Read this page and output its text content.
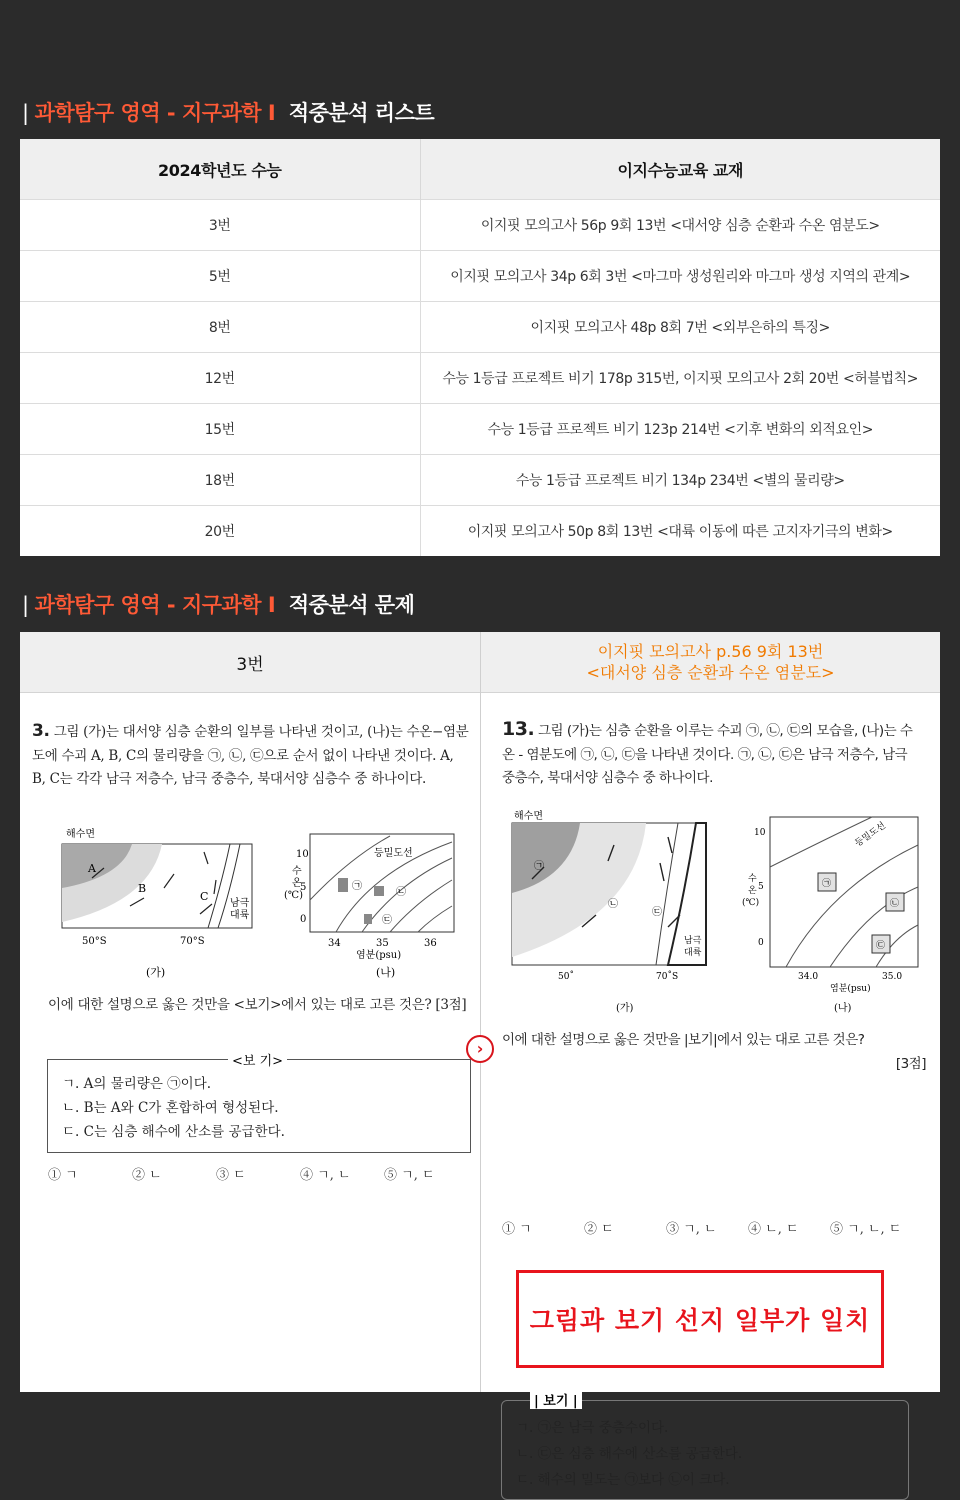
| 과학탐구 영역 - 지구과학 Ⅰ 적중분석 리스트
2024학년도 수능	이지수능교육 교재
3번	이지핏 모의고사 56p 9회 13번 <대서양 심층 순환과 수온 염분도>
5번	이지핏 모의고사 34p 6회 3번 <마그마 생성원리와 마그마 생성 지역의 관계>
8번	이지핏 모의고사 48p 8회 7번 <외부은하의 특징>
12번	수능 1등급 프로젝트 비기 178p 315번, 이지핏 모의고사 2회 20번 <허블법칙>
15번	수능 1등급 프로젝트 비기 123p 214번 <기후 변화의 외적요인>
18번	수능 1등급 프로젝트 비기 134p 234번 <별의 물리량>
20번	이지핏 모의고사 50p 8회 13번 <대륙 이동에 따른 고지자기극의 변화>
| 과학탐구 영역 - 지구과학 Ⅰ 적중분석 문제
3번
이지핏 모의고사 p.56 9회 13번
<대서양 심층 순환과 수온 염분도>
3. 그림 (가)는 대서양 심층 순환의 일부를 나타낸 것이고, (나)는 수온−염분도에 수괴 A, B, C의 물리량을 ㉠, ㉡, ㉢으로 순서 없이 나타낸 것이다. A, B, C는 각각 남극 저층수, 남극 중층수, 북대서양 심층수 중 하나이다.
해수면
A
B
C
남극
대륙
50°S	70°S
(가)
등밀도선
㉠
㉡
㉢
수
온
(℃)
10
5
0
34	35	36
염분(psu)
(나)
이에 대한 설명으로 옳은 것만을 <보기>에서 있는 대로 고른 것은? [3점]
<보 기>
ㄱ. A의 물리량은 ㉠이다.
ㄴ. B는 A와 C가 혼합하여 형성된다.
ㄷ. C는 심층 해수에 산소를 공급한다.
① ㄱ	② ㄴ	③ ㄷ	④ ㄱ, ㄴ	⑤ ㄱ, ㄷ
13. 그림 (가)는 심층 순환을 이루는 수괴 ㉠, ㉡, ㉢의 모습을, (나)는 수온 - 염분도에 ㉠, ㉡, ㉢을 나타낸 것이다. ㉠, ㉡, ㉢은 남극 저층수, 남극 중층수, 북대서양 심층수 중 하나이다.
해수면
㉠
㉡
㉢
남극
대륙
50˚	70˚S
(가)
등밀도선
㉠
㉡
㉢
수
온
(℃)
10
5
0
34.0	35.0
염분(psu)
(나)
›	이에 대한 설명으로 옳은 것만을 |보기|에서 있는 대로 고른 것은?
[3점]
| 보기 |
ㄱ. ㉠은 남극 중층수이다.
ㄴ. ㉢은 심층 해수에 산소를 공급한다.
ㄷ. 해수의 밀도는 ㉠보다 ㉡이 크다.
① ㄱ	② ㄷ	③ ㄱ, ㄴ	④ ㄴ, ㄷ	⑤ ㄱ, ㄴ, ㄷ
그림과 보기 선지 일부가 일치
